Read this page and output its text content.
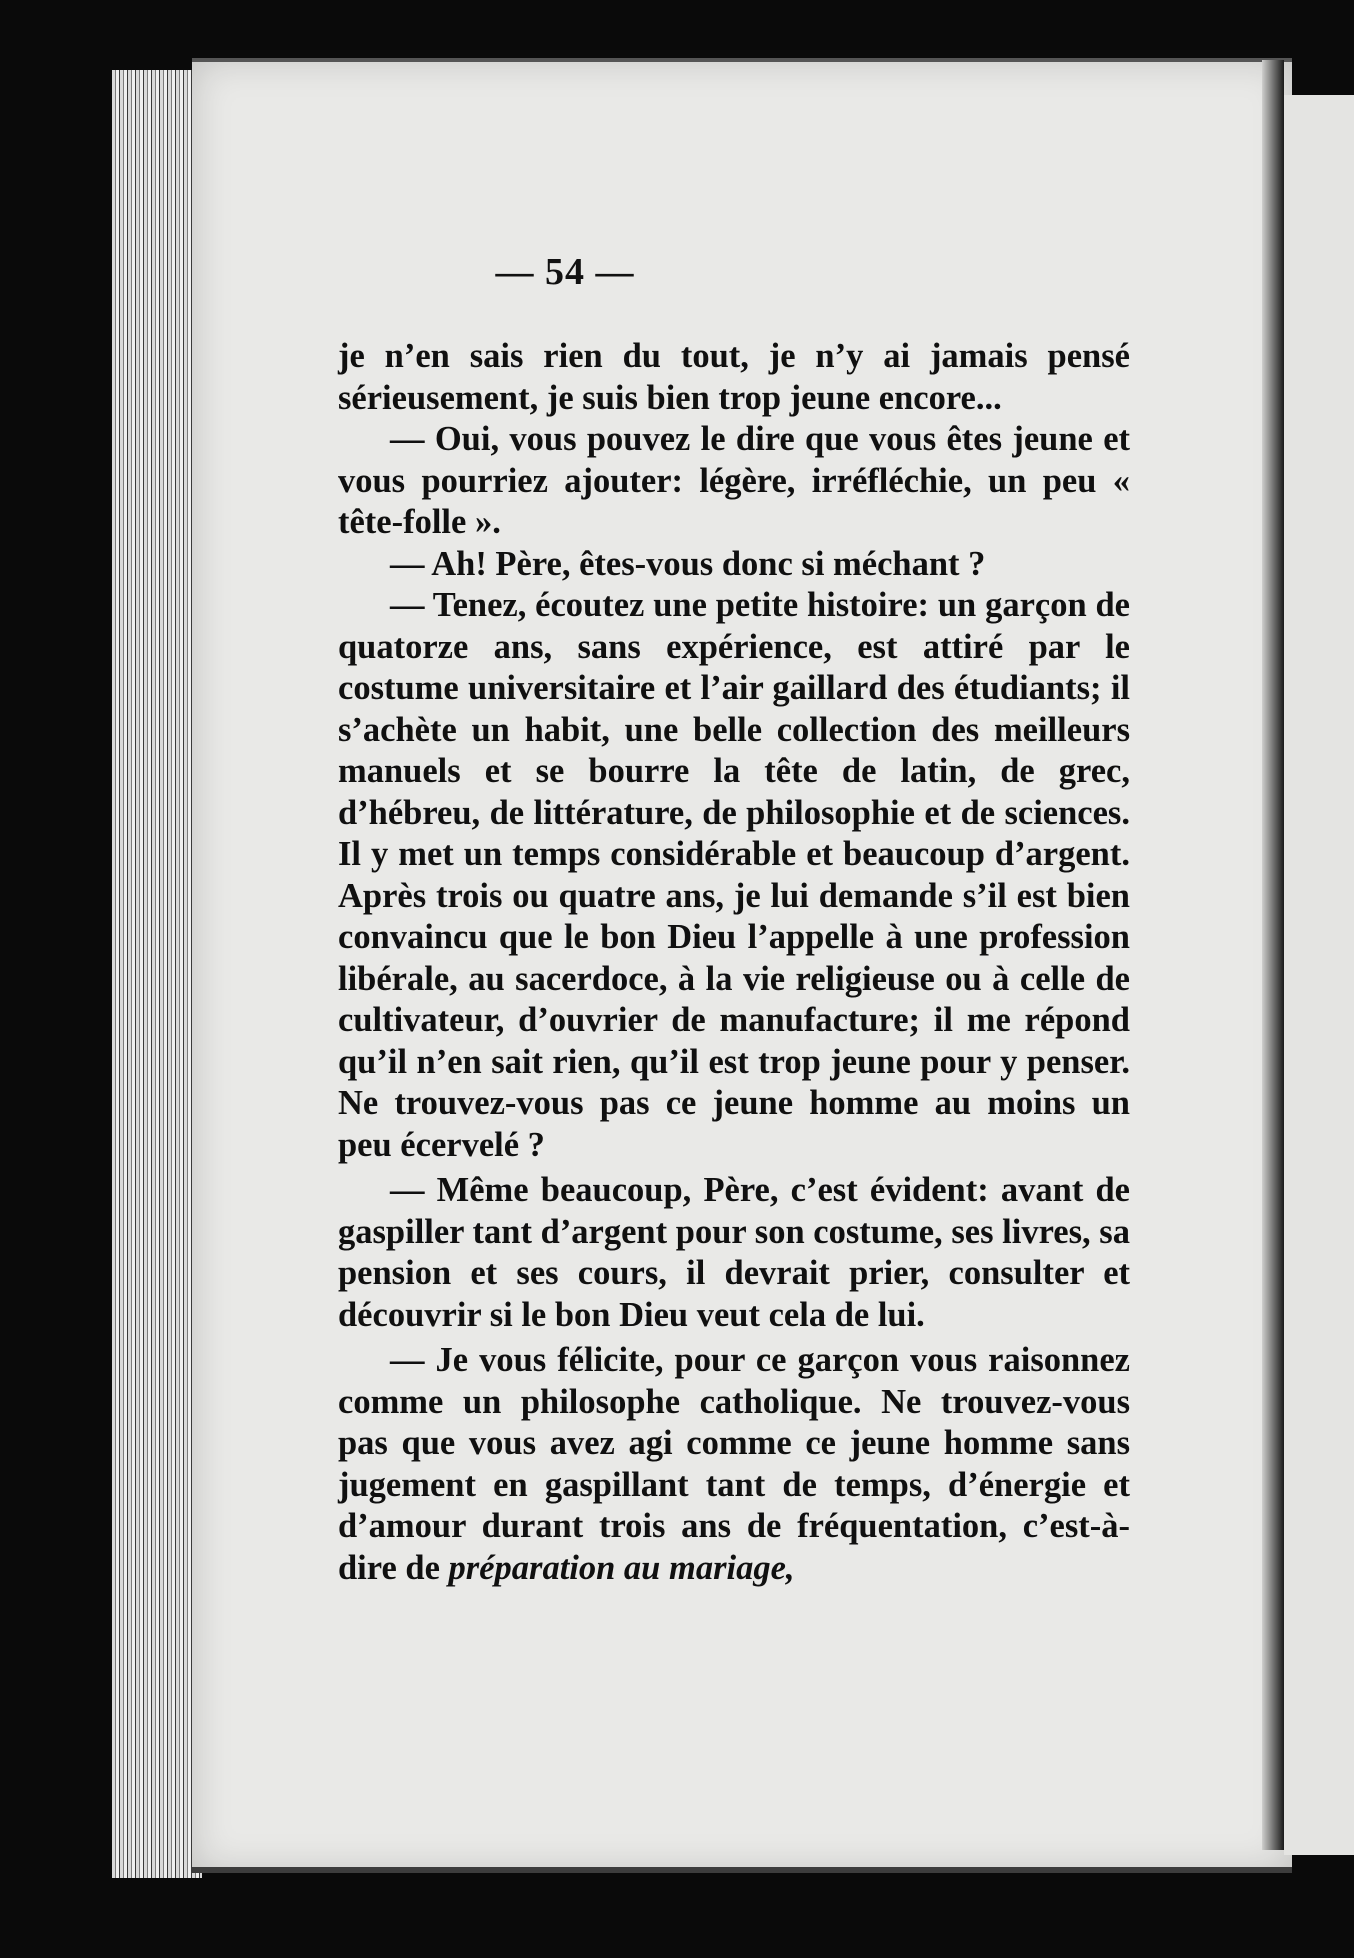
— 54 —

je n’en sais rien du tout, je n’y ai jamais pensé sérieusement, je suis bien trop jeune encore...

— Oui, vous pouvez le dire que vous êtes jeune et vous pourriez ajouter: légère, irréfléchie, un peu « tête-folle ».

— Ah! Père, êtes-vous donc si méchant ?

— Tenez, écoutez une petite histoire: un garçon de quatorze ans, sans expérience, est attiré par le costume universitaire et l’air gaillard des étudiants; il s’achète un habit, une belle collection des meilleurs manuels et se bourre la tête de latin, de grec, d’hébreu, de littérature, de philosophie et de sciences. Il y met un temps considérable et beaucoup d’argent. Après trois ou quatre ans, je lui demande s’il est bien convaincu que le bon Dieu l’appelle à une profession libérale, au sacerdoce, à la vie religieuse ou à celle de cultivateur, d’ouvrier de manufacture; il me répond qu’il n’en sait rien, qu’il est trop jeune pour y penser. Ne trouvez-vous pas ce jeune homme au moins un peu écervelé ?

— Même beaucoup, Père, c’est évident: avant de gaspiller tant d’argent pour son costume, ses livres, sa pension et ses cours, il devrait prier, consulter et découvrir si le bon Dieu veut cela de lui.

— Je vous félicite, pour ce garçon vous raisonnez comme un philosophe catholique. Ne trouvez-vous pas que vous avez agi comme ce jeune homme sans jugement en gaspillant tant de temps, d’énergie et d’amour durant trois ans de fréquentation, c’est-à-dire de préparation au mariage,
